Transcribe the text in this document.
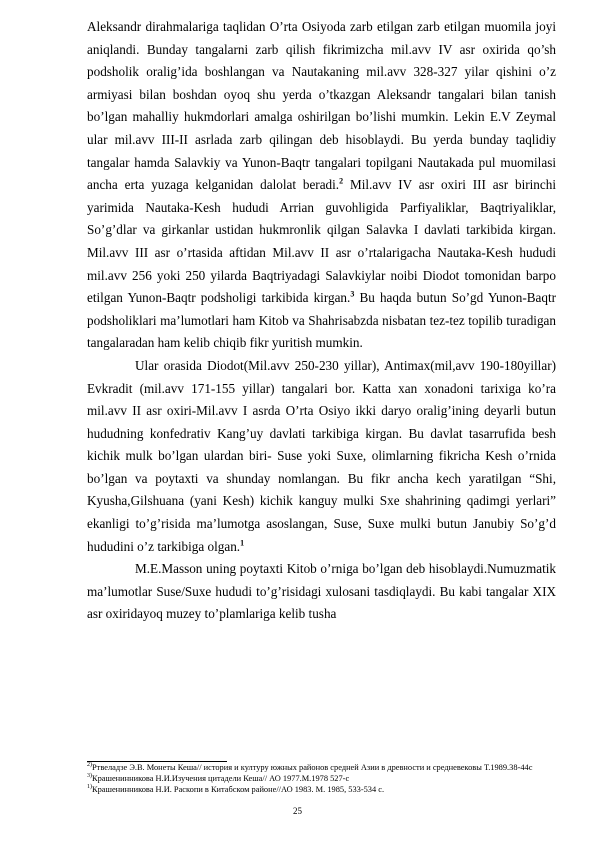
Aleksandr dirahmalariga taqlidan O’rta Osiyoda zarb etilgan zarb etilgan muomila joyi aniqlandi. Bunday tangalarni zarb qilish fikrimizcha mil.avv IV asr oxirida qo’sh podsholik oralig’ida boshlangan va Nautakaning mil.avv 328-327 yilar qishini o’z armiyasi bilan boshdan oyoq shu yerda o’tkazgan Aleksandr tangalari bilan tanish bo’lgan mahalliy hukmdorlari amalga oshirilgan bo’lishi mumkin. Lekin E.V Zeymal ular mil.avv III-II asrlada zarb qilingan deb hisoblaydi. Bu yerda bunday taqlidiy tangalar hamda Salavkiy va Yunon-Baqtr tangalari topilgani Nautakada pul muomilasi ancha erta yuzaga kelganidan dalolat beradi.$^2$ Mil.avv IV asr oxiri III asr birinchi yarimida Nautaka-Kesh hududi Arrian guvohligida Parfiyaliklar, Baqtriyaliklar, So’g’dlar va girkanlar ustidan hukmronlik qilgan Salavka I davlati tarkibida kirgan. Mil.avv III asr o’rtasida aftidan Mil.avv II asr o’rtalarigacha Nautaka-Kesh hududi mil.avv 256 yoki 250 yilarda Baqtriyadagi Salavkiylar noibi Diodot tomonidan barpo etilgan Yunon-Baqtr podsholigi tarkibida kirgan.$^3$ Bu haqda butun So’gd Yunon-Baqtr podsholiklari ma’lumotlari ham Kitob va Shahrisabzda nisbatan tez-tez topilib turadigan tangalaradan ham kelib chiqib fikr yuritish mumkin.

Ular orasida Diodot(Mil.avv 250-230 yillar), Antimax(mil,avv 190-180yillar) Evkradit (mil.avv 171-155 yillar) tangalari bor. Katta xan xonadoni tarixiga ko’ra mil.avv II asr oxiri-Mil.avv I asrda O’rta Osiyo ikki daryo oralig’ining deyarli butun hududning konfedrativ Kang’uy davlati tarkibiga kirgan. Bu davlat tasarrufida besh kichik mulk bo’lgan ulardan biri- Suse yoki Suxe, olimlarning fikricha Kesh o’rnida bo’lgan va poytaxti va shunday nomlangan. Bu fikr ancha kech yaratilgan “Shi, Kyusha,Gilshuana (yani Kesh) kichik kanguy mulki Sxe shahrining qadimgi yerlari” ekanligi to’g’risida ma’lumotga asoslangan, Suse, Suxe mulki butun Janubiy So’g’d hududini o’z tarkibiga olgan.$^1$

M.E.Masson uning poytaxti Kitob o’rniga bo’lgan deb hisoblaydi.Numuzmatik ma’lumotlar Suse/Suxe hududi to’g’risidagi xulosani tasdiqlaydi. Bu kabi tangalar XIX asr oxiridayoq muzey to’plamlariga kelib tusha

$^{2)}$Ртвеладзе Э.В. Монеты Кеша// история и културу южных районов средней Азии в древности и средневековы Т.1989.38-44с

$^{3)}$Крашенинникова Н.И.Изучения цитадели Кеша// АО 1977.М.1978 527-с

$^{1)}$Крашенинникова Н.И. Раскопи в Китабском районе//АО 1983. М. 1985, 533-534 с.

25
